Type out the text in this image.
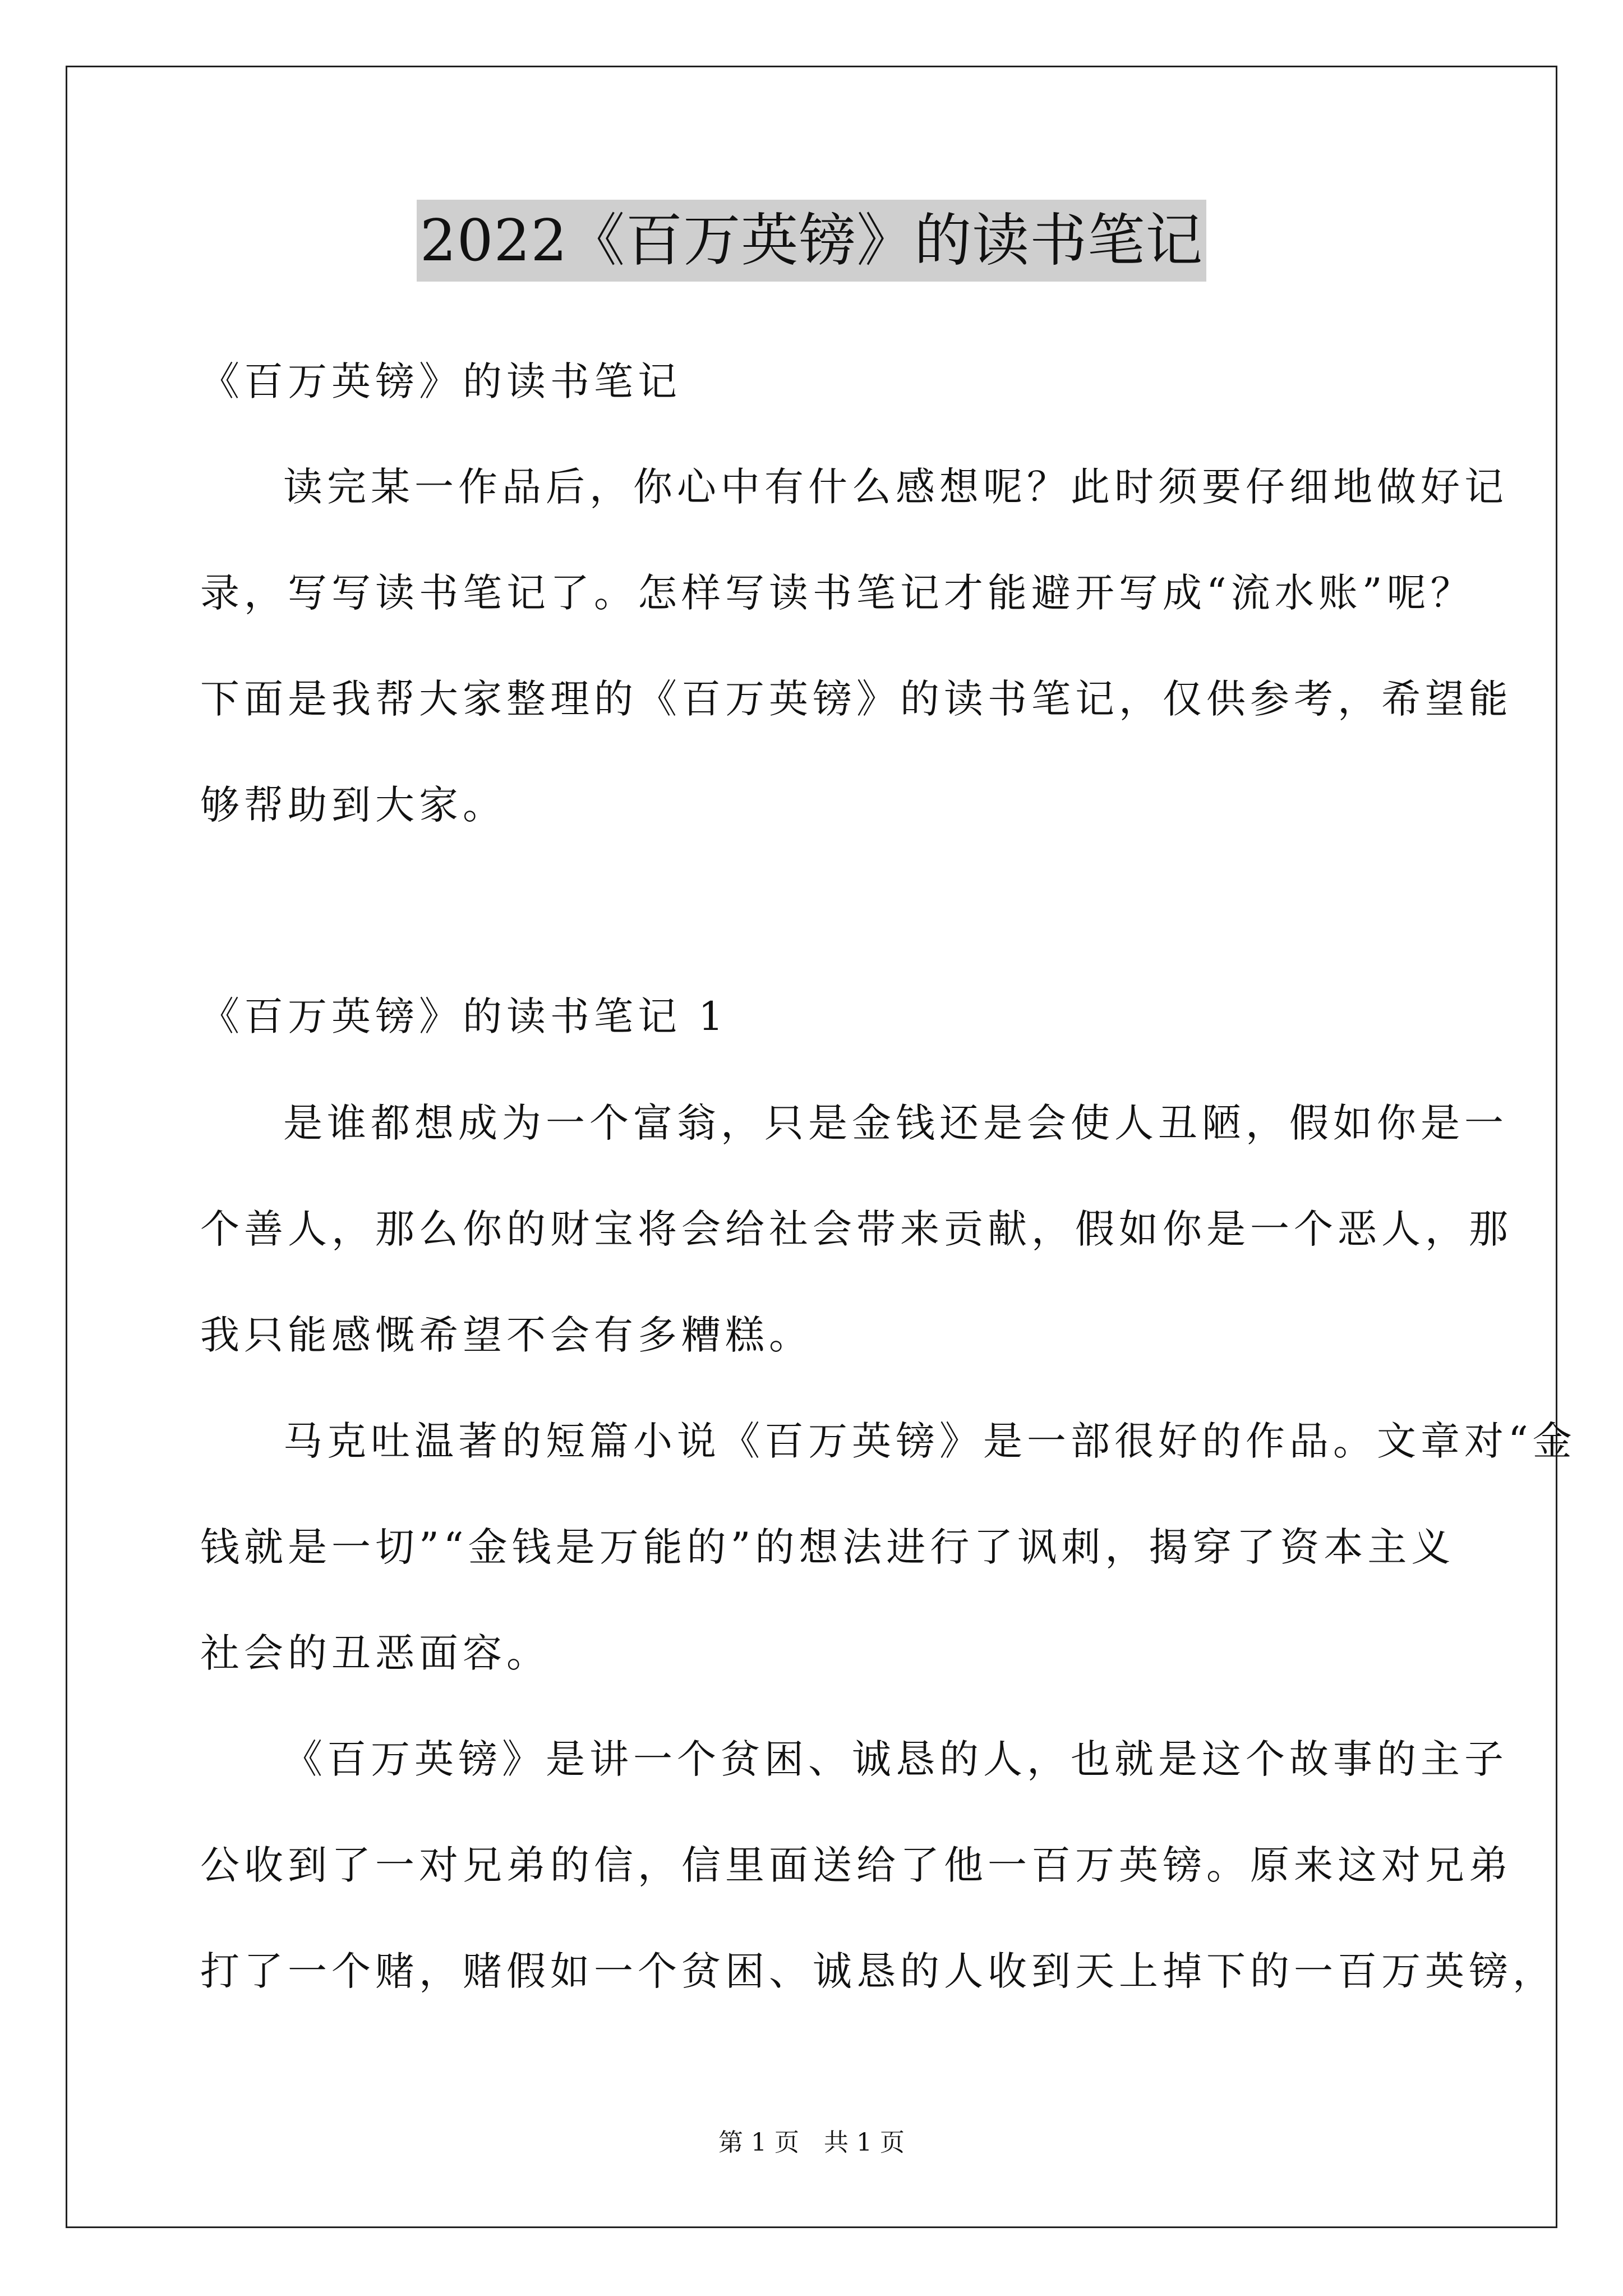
2022《百万英镑》的读书笔记
《百万英镑》的读书笔记
读完某一作品后，你心中有什么感想呢？此时须要仔细地做好记
录，写写读书笔记了。怎样写读书笔记才能避开写成“流水账”呢？
下面是我帮大家整理的《百万英镑》的读书笔记，仅供参考，希望能
够帮助到大家。
《百万英镑》的读书笔记 1
是谁都想成为一个富翁，只是金钱还是会使人丑陋，假如你是一
个善人，那么你的财宝将会给社会带来贡献，假如你是一个恶人，那
我只能感慨希望不会有多糟糕。
马克吐温著的短篇小说《百万英镑》是一部很好的作品。文章对“金
钱就是一切”“金钱是万能的”的想法进行了讽刺，揭穿了资本主义
社会的丑恶面容。
《百万英镑》是讲一个贫困、诚恳的人，也就是这个故事的主子
公收到了一对兄弟的信，信里面送给了他一百万英镑。原来这对兄弟
打了一个赌，赌假如一个贫困、诚恳的人收到天上掉下的一百万英镑，
第 1 页 共 1 页
